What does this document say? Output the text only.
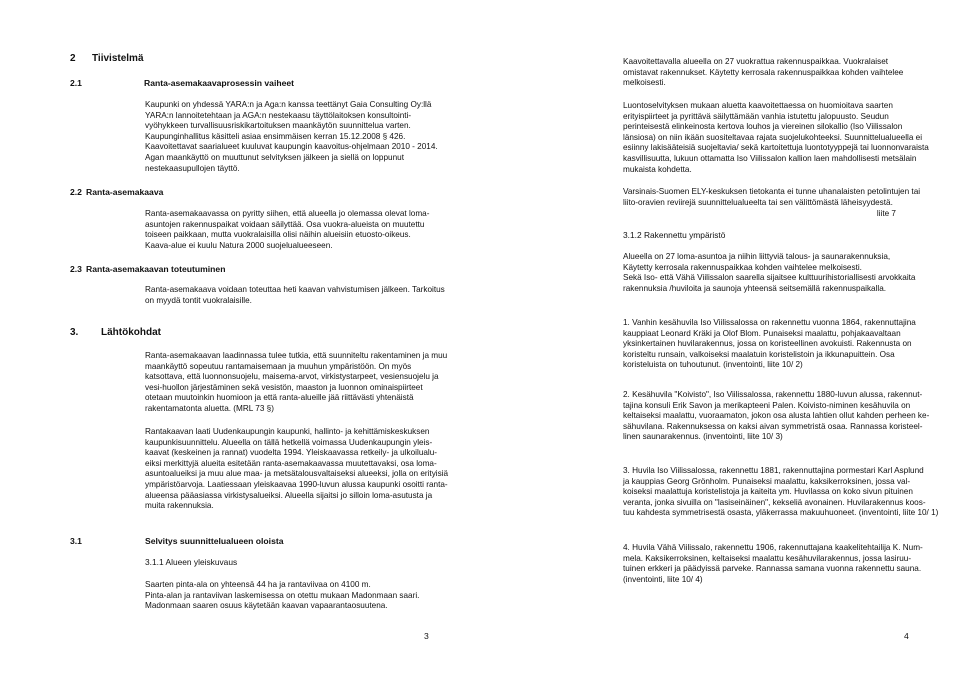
2 Tiivistelmä
2.1	Ranta-asemakaavaprosessin vaiheet
Kaupunki on yhdessä YARA:n ja Aga:n kanssa teettänyt Gaia Consulting Oy:llä
YARA:n lannoitetehtaan ja AGA:n nestekaasu täyttölaitoksen konsultointi-
vyöhykkeen turvallisuusriskikartoituksen maankäytön suunnittelua varten.
Kaupunginhallitus käsitteli asiaa ensimmäisen kerran 15.12.2008 § 426.
Kaavoitettavat saarialueet kuuluvat kaupungin kaavoitus-ohjelmaan 2010 - 2014.
Agan maankäyttö on muuttunut selvityksen jälkeen ja siellä on loppunut
nestekaasupullojen täyttö.
2.2 Ranta-asemakaava
Ranta-asemakaavassa on pyritty siihen, että alueella jo olemassa olevat loma-
asuntojen rakennuspaikat voidaan säilyttää. Osa vuokra-alueista on muutettu
toiseen paikkaan, mutta vuokralaisilla olisi näihin alueisiin etuosto-oikeus.
Kaava-alue ei kuulu Natura 2000 suojelualueeseen.
2.3 Ranta-asemakaavan toteutuminen
Ranta-asemakaava voidaan toteuttaa heti kaavan vahvistumisen jälkeen. Tarkoitus
on myydä tontit vuokralaisille.
3. Lähtökohdat
Ranta-asemakaavan laadinnassa tulee tutkia, että suunniteltu rakentaminen ja muu
maankäyttö sopeutuu rantamaisemaan ja muuhun ympäristöön. On myös
katsottava, että luonnonsuojelu, maisema-arvot, virkistystarpeet, vesiensuojelu ja
vesi-huollon järjestäminen sekä vesistön, maaston ja luonnon ominaispiirteet
otetaan muutoinkin huomioon ja että ranta-alueille jää riittävästi yhtenäistä
rakentamatonta aluetta. (MRL 73 §)
Rantakaavan laati Uudenkaupungin kaupunki, hallinto- ja kehittämiskeskuksen
kaupunkisuunnittelu. Alueella on tällä hetkellä voimassa Uudenkaupungin yleis-
kaavat (keskeinen ja rannat) vuodelta 1994. Yleiskaavassa retkeily- ja ulkoilualu-
eiksi merkittyjä alueita esitetään ranta-asemakaavassa muutettavaksi, osa loma-
asuntoalueiksi ja muu alue maa- ja metsätalousvaltaiseksi alueeksi, jolla on erityisiä
ympäristöarvoja. Laatiessaan yleiskaavaa 1990-luvun alussa kaupunki osoitti ranta-
alueensa pääasiassa virkistysalueiksi. Alueella sijaitsi jo silloin loma-asutusta ja
muita rakennuksia.
3.1	Selvitys suunnittelualueen oloista
3.1.1 Alueen yleiskuvaus
Saarten pinta-ala on yhteensä 44 ha ja rantaviivaa on 4100 m.
Pinta-alan ja rantaviivan laskemisessa on otettu mukaan Madonmaan saari.
Madonmaan saaren osuus käytetään kaavan vapaarantaosuutena.
3
Kaavoitettavalla alueella on 27 vuokrattua rakennuspaikkaa. Vuokralaiset
omistavat rakennukset. Käytetty kerrosala rakennuspaikkaa kohden vaihtelee
melkoisesti.
Luontoselvityksen mukaan aluetta kaavoitettaessa on huomioitava saarten
erityispiirteet ja pyrittävä säilyttämään vanhia istutettu jalopuusto. Seudun
perinteisestä elinkeinosta kertova louhos ja viereinen silokallio (Iso Viilissalon
länsiosa) on niin ikään suositeltavaa rajata suojelukohteeksi. Suunnittelualueella ei
esiinny lakisääteisiä suojeltavia/ sekä kartoitettuja luontotyyppejä tai luonnonvaraista
kasvillisuutta, lukuun ottamatta Iso Viilissalon kallion laen mahdollisesti metsälain
mukaista kohdetta.
Varsinais-Suomen ELY-keskuksen tietokanta ei tunne uhanalaisten petolintujen tai
liito-oravien reviirejä suunnittelualueelta tai sen välittömästä läheisyydestä.
liite 7
3.1.2 Rakennettu ympäristö
Alueella on 27 loma-asuntoa ja niihin liittyviä talous- ja saunarakennuksia,
Käytetty kerrosala rakennuspaikkaa kohden vaihtelee melkoisesti.
Sekä Iso- että Vähä Viilissalon saarella sijaitsee kulttuurihistoriallisesti arvokkaita
rakennuksia /huviloita ja saunoja yhteensä seitsemällä rakennuspaikalla.
1. Vanhin kesähuvila Iso Viilissalossa on rakennettu vuonna 1864, rakennuttajina
kauppiaat Leonard Kräki ja Olof Blom. Punaiseksi maalattu, pohjakaavaltaan
yksinkertainen huvilarakennus, jossa on koristeellinen avokuisti. Rakennusta on
koristeltu runsain, valkoiseksi maalatuin koristelistoin ja ikkunapuittein. Osa
koristeluista on tuhoutunut. (inventointi, liite 10/ 2)
2. Kesähuvila "Koivisto", Iso Viilissalossa, rakennettu 1880-luvun alussa, rakennut-
tajina konsuli Erik Savon ja merikapteeni Palen. Koivisto-niminen kesähuvila on
keltaiseksi maalattu, vuoraamaton, jokon osa alusta lahtien ollut kahden perheen ke-
sähuvilana. Rakennuksessa on kaksi aivan symmetristä osaa. Rannassa koristeel-
linen saunarakennus. (inventointi, liite 10/ 3)
3. Huvila Iso Viilissalossa, rakennettu 1881, rakennuttajina pormestari Karl Asplund
ja kauppias Georg Grönholm. Punaiseksi maalattu, kaksikerroksinen, jossa val-
koiseksi maalattuja koristelistoja ja kaiteita ym. Huvilassa on koko sivun pituinen
veranta, jonka sivuilla on "lasiseinäinen", kekseliä avonainen. Huvilarakennus koos-
tuu kahdesta symmetrisestä osasta, yläkerrassa makuuhuoneet. (inventointi, liite 10/ 1)
4. Huvila Vähä Viilissalo, rakennettu 1906, rakennuttajana kaakelitehtailija K. Num-
mela. Kaksikerroksinen, keltaiseksi maalattu kesähuvilarakennus, jossa lasiruu-
tuinen erkkeri ja päädyissä parveke. Rannassa samana vuonna rakennettu sauna.
(inventointi, liite 10/ 4)
4
